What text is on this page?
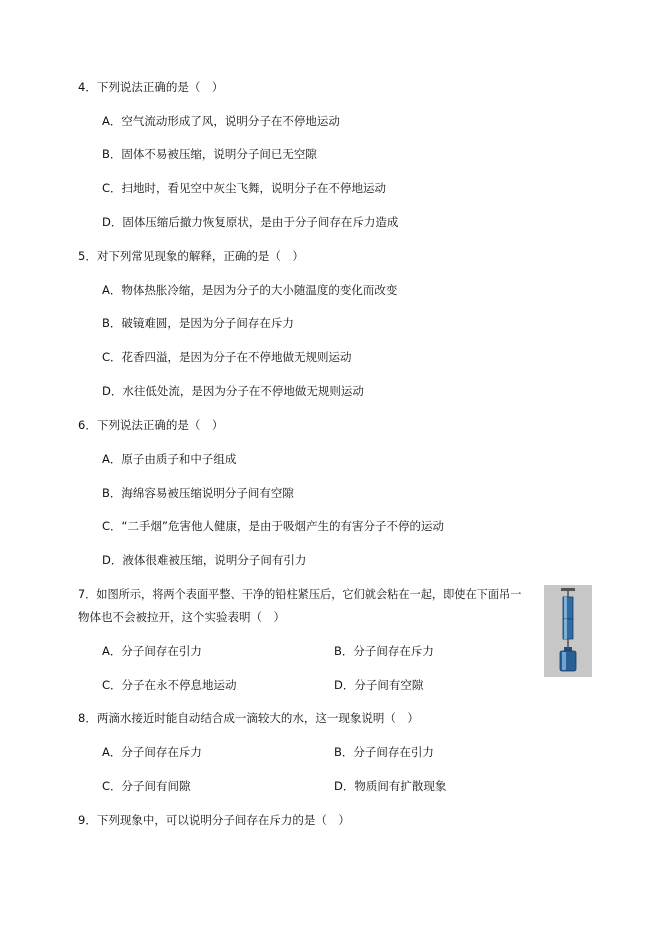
4．下列说法正确的是（　）
A．空气流动形成了风，说明分子在不停地运动
B．固体不易被压缩，说明分子间已无空隙
C．扫地时，看见空中灰尘飞舞，说明分子在不停地运动
D．固体压缩后撤力恢复原状，是由于分子间存在斥力造成
5．对下列常见现象的解释，正确的是（　）
A．物体热胀冷缩，是因为分子的大小随温度的变化而改变
B．破镜难圆，是因为分子间存在斥力
C．花香四溢，是因为分子在不停地做无规则运动
D．水往低处流，是因为分子在不停地做无规则运动
6．下列说法正确的是（　）
A．原子由质子和中子组成
B．海绵容易被压缩说明分子间有空隙
C．“二手烟”危害他人健康，是由于吸烟产生的有害分子不停的运动
D．液体很难被压缩，说明分子间有引力
7．如图所示，将两个表面平整、干净的铅柱紧压后，它们就会粘在一起，即使在下面吊一
物体也不会被拉开，这个实验表明（　）
A．分子间存在引力	B．分子间存在斥力
C．分子在永不停息地运动	D．分子间有空隙
8．两滴水接近时能自动结合成一滴较大的水，这一现象说明（　）
A．分子间存在斥力	B．分子间存在引力
C．分子间有间隙	D．物质间有扩散现象
9．下列现象中，可以说明分子间存在斥力的是（　）
